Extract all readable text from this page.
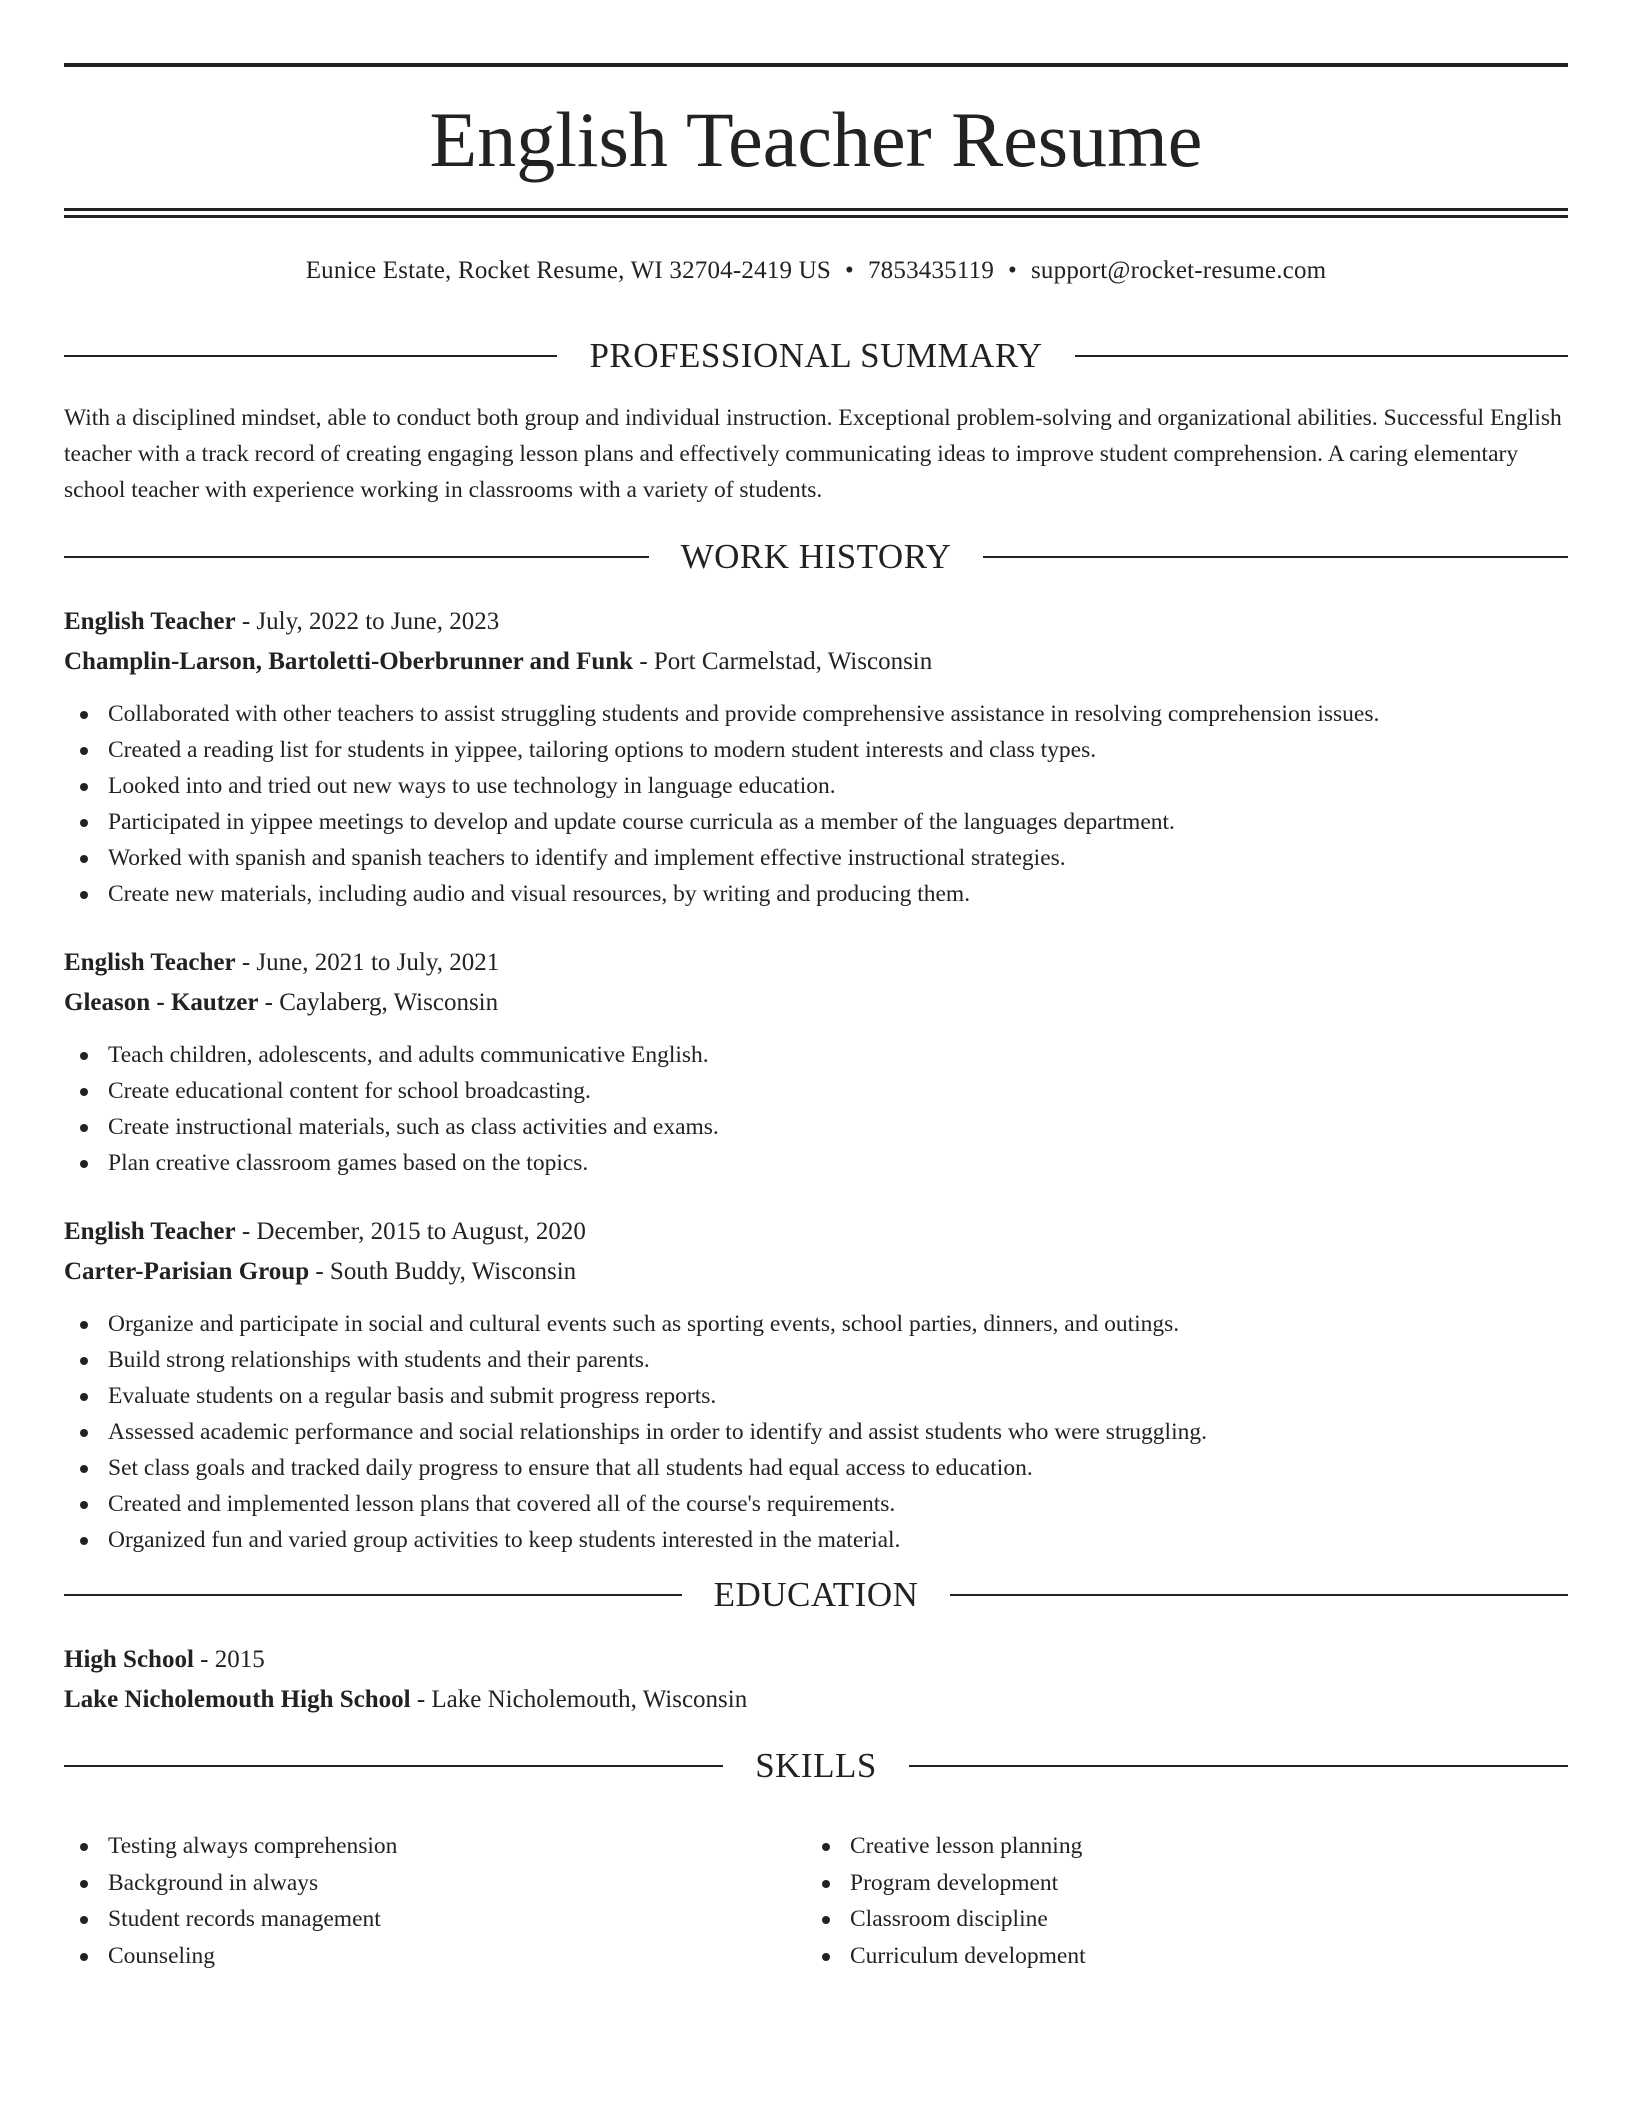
English Teacher Resume
Eunice Estate, Rocket Resume, WI 32704-2419 US • 7853435119 • support@rocket-resume.com
PROFESSIONAL SUMMARY

With a disciplined mindset, able to conduct both group and individual instruction. Exceptional problem-solving and organizational abilities. Successful English teacher with a track record of creating engaging lesson plans and effectively communicating ideas to improve student comprehension. A caring elementary school teacher with experience working in classrooms with a variety of students.

WORK HISTORY
English Teacher - July, 2022 to June, 2023
Champlin-Larson, Bartoletti-Oberbrunner and Funk - Port Carmelstad, Wisconsin
Collaborated with other teachers to assist struggling students and provide comprehensive assistance in resolving comprehension issues.
Created a reading list for students in yippee, tailoring options to modern student interests and class types.
Looked into and tried out new ways to use technology in language education.
Participated in yippee meetings to develop and update course curricula as a member of the languages department.
Worked with spanish and spanish teachers to identify and implement effective instructional strategies.
Create new materials, including audio and visual resources, by writing and producing them.
English Teacher - June, 2021 to July, 2021
Gleason - Kautzer - Caylaberg, Wisconsin
Teach children, adolescents, and adults communicative English.
Create educational content for school broadcasting.
Create instructional materials, such as class activities and exams.
Plan creative classroom games based on the topics.
English Teacher - December, 2015 to August, 2020
Carter-Parisian Group - South Buddy, Wisconsin
Organize and participate in social and cultural events such as sporting events, school parties, dinners, and outings.
Build strong relationships with students and their parents.
Evaluate students on a regular basis and submit progress reports.
Assessed academic performance and social relationships in order to identify and assist students who were struggling.
Set class goals and tracked daily progress to ensure that all students had equal access to education.
Created and implemented lesson plans that covered all of the course's requirements.
Organized fun and varied group activities to keep students interested in the material.
EDUCATION
High School - 2015
Lake Nicholemouth High School - Lake Nicholemouth, Wisconsin
SKILLS
Testing always comprehension
Background in always
Student records management
Counseling
Creative lesson planning
Program development
Classroom discipline
Curriculum development
